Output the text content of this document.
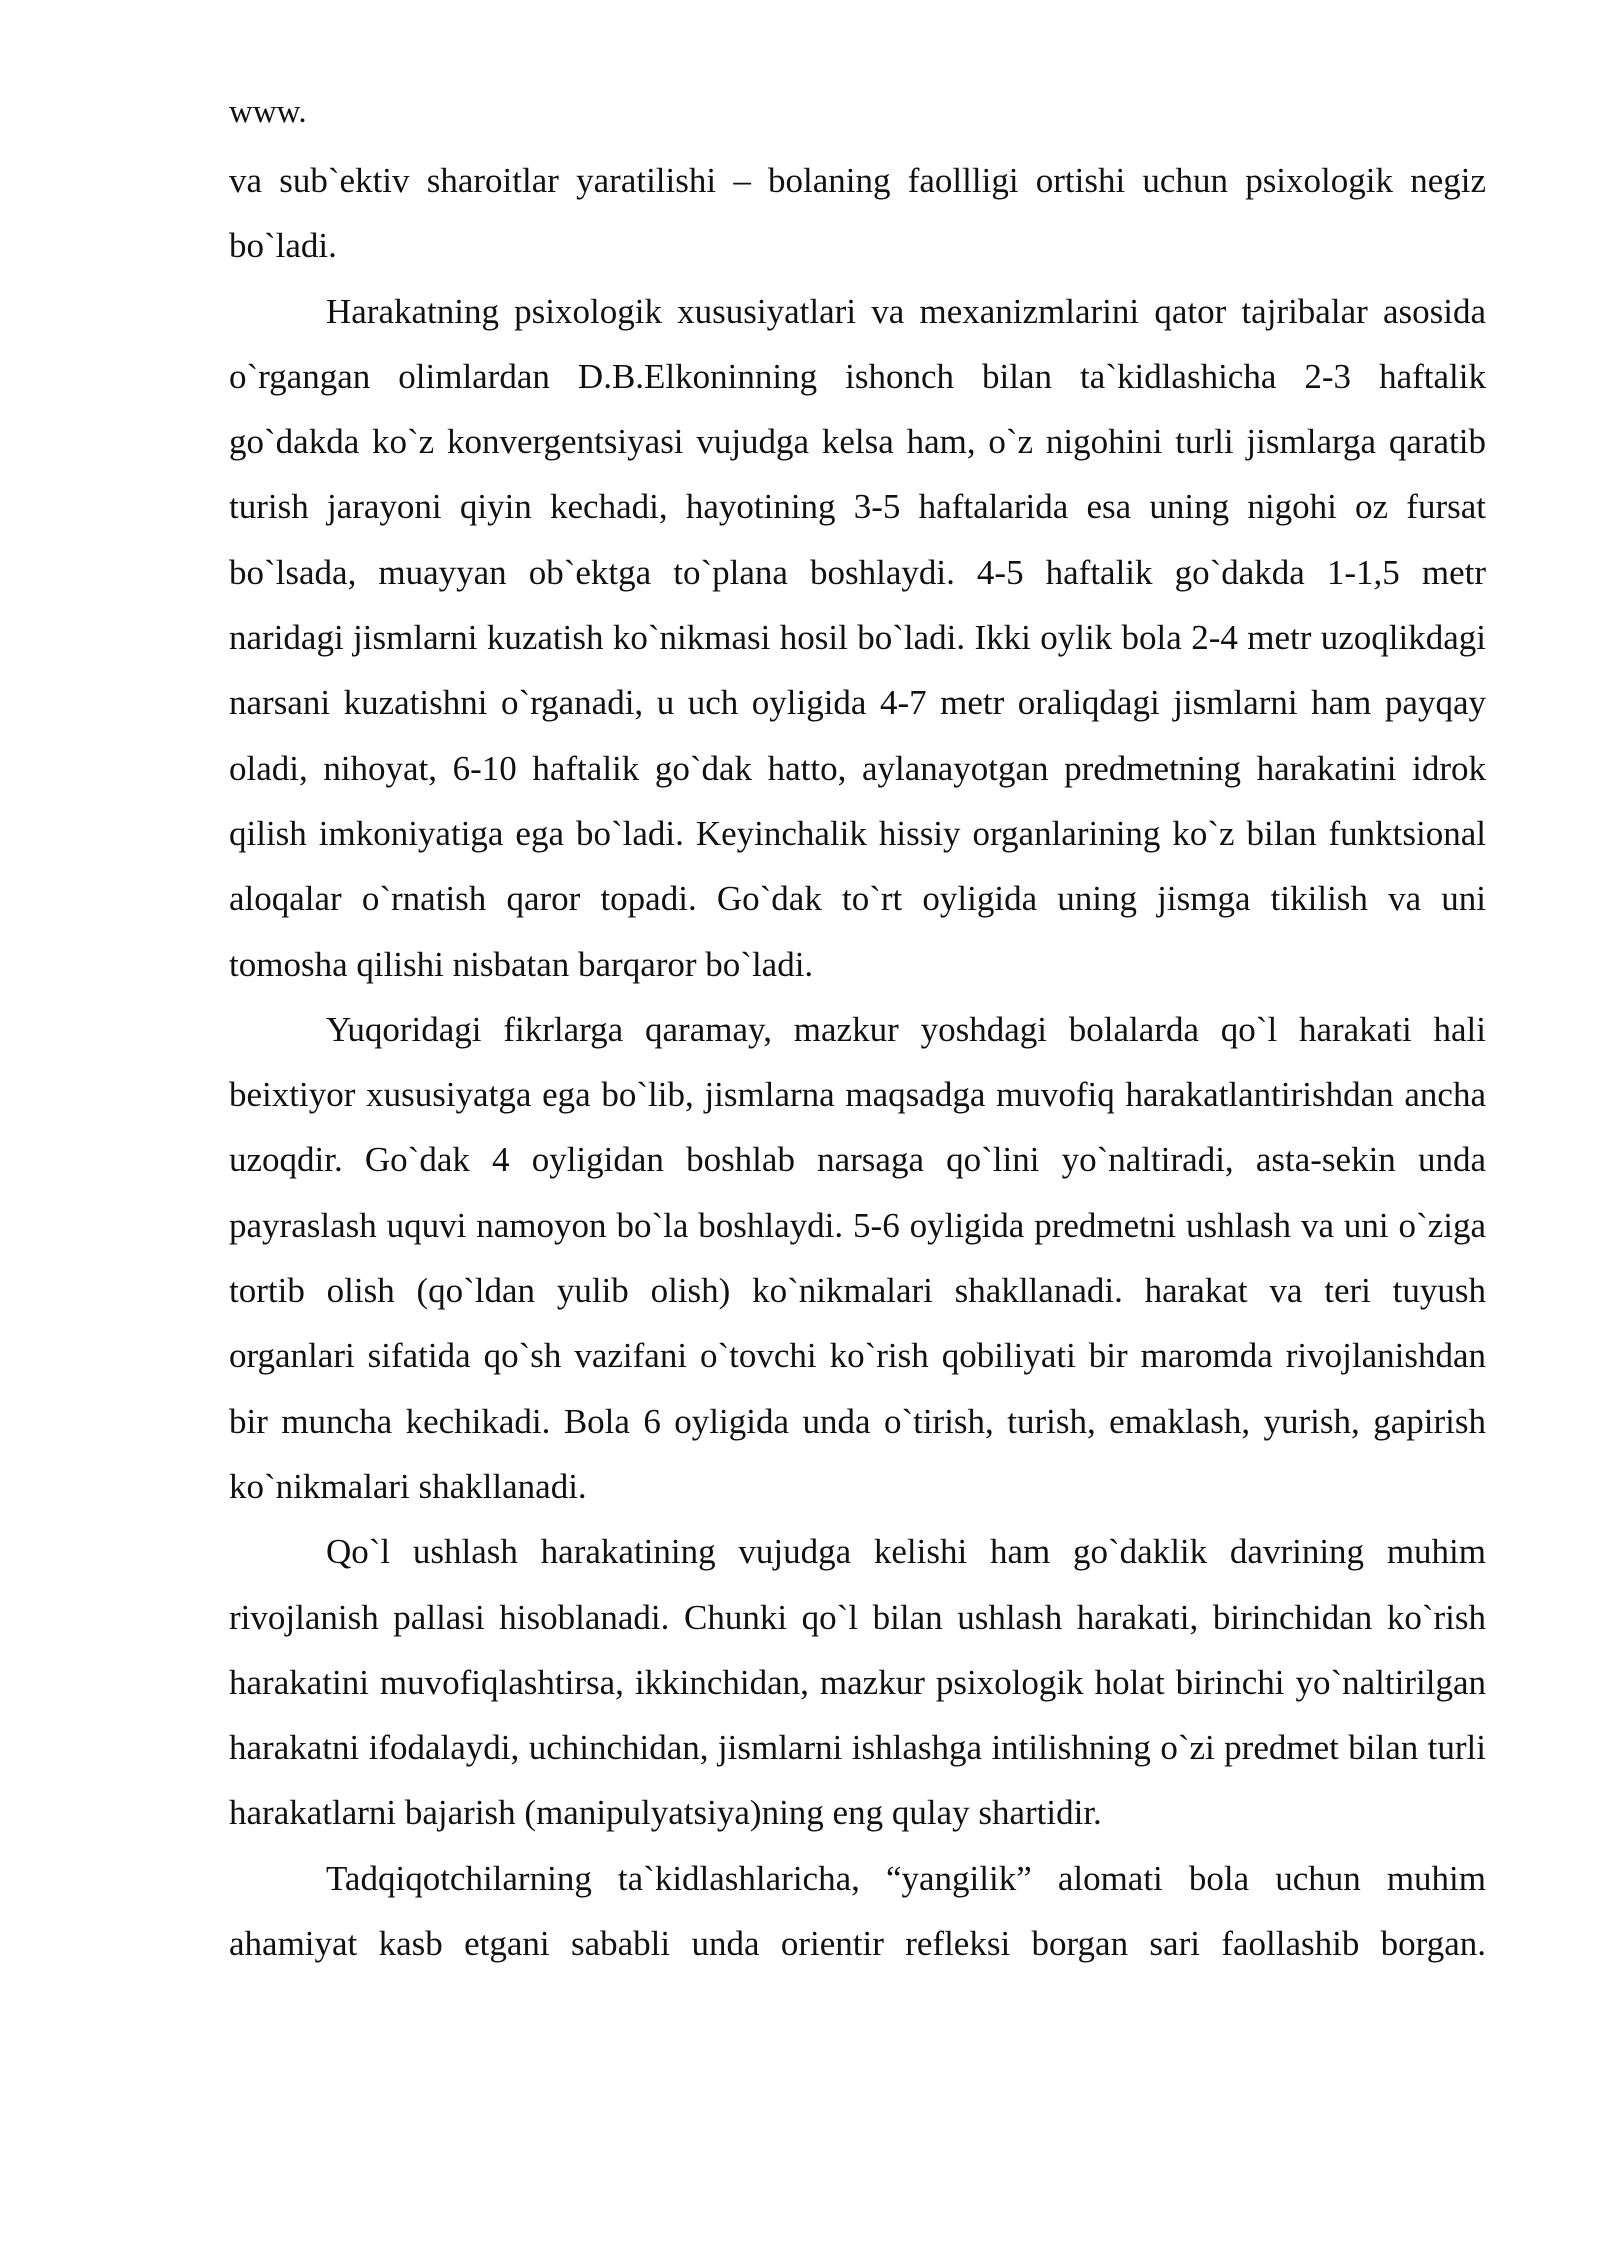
www.

va sub`ektiv sharoitlar yaratilishi – bolaning faollligi ortishi uchun psixologik negiz bo`ladi.

Harakatning psixologik xususiyatlari va mexanizmlarini qator tajribalar asosida o`rgangan olimlardan D.B.Elkoninning ishonch bilan ta`kidlashicha 2-3 haftalik go`dakda ko`z konvergentsiyasi vujudga kelsa ham, o`z nigohini turli jismlarga qaratib turish jarayoni qiyin kechadi, hayotining 3-5 haftalarida esa uning nigohi oz fursat bo`lsada, muayyan ob`ektga to`plana boshlaydi. 4-5 haftalik go`dakda 1-1,5 metr naridagi jismlarni kuzatish ko`nikmasi hosil bo`ladi. Ikki oylik bola 2-4 metr uzoqlikdagi narsani kuzatishni o`rganadi, u uch oyligida 4-7 metr oraliqdagi jismlarni ham payqay oladi, nihoyat, 6-10 haftalik go`dak hatto, aylanayotgan predmetning harakatini idrok qilish imkoniyatiga ega bo`ladi. Keyinchalik hissiy organlarining ko`z bilan funktsional aloqalar o`rnatish qaror topadi. Go`dak to`rt oyligida uning jismga tikilish va uni tomosha qilishi nisbatan barqaror bo`ladi.

Yuqoridagi fikrlarga qaramay, mazkur yoshdagi bolalarda qo`l harakati hali beixtiyor xususiyatga ega bo`lib, jismlarna maqsadga muvofiq harakatlantirishdan ancha uzoqdir. Go`dak 4 oyligidan boshlab narsaga qo`lini yo`naltiradi, asta-sekin unda payraslash uquvi namoyon bo`la boshlaydi. 5-6 oyligida predmetni ushlash va uni o`ziga tortib olish (qo`ldan yulib olish) ko`nikmalari shakllanadi. harakat va teri tuyush organlari sifatida qo`sh vazifani o`tovchi ko`rish qobiliyati bir maromda rivojlanishdan bir muncha kechikadi. Bola 6 oyligida unda o`tirish, turish, emaklash, yurish, gapirish ko`nikmalari shakllanadi.

Qo`l ushlash harakatining vujudga kelishi ham go`daklik davrining muhim rivojlanish pallasi hisoblanadi. Chunki qo`l bilan ushlash harakati, birinchidan ko`rish harakatini muvofiqlashtirsa, ikkinchidan, mazkur psixologik holat birinchi yo`naltirilgan harakatni ifodalaydi, uchinchidan, jismlarni ishlashga intilishning o`zi predmet bilan turli harakatlarni bajarish (manipulyatsiya)ning eng qulay shartidir.

Tadqiqotchilarning ta`kidlashlaricha, “yangilik” alomati bola uchun muhim ahamiyat kasb etgani sababli unda orientir refleksi borgan sari faollashib borgan.
